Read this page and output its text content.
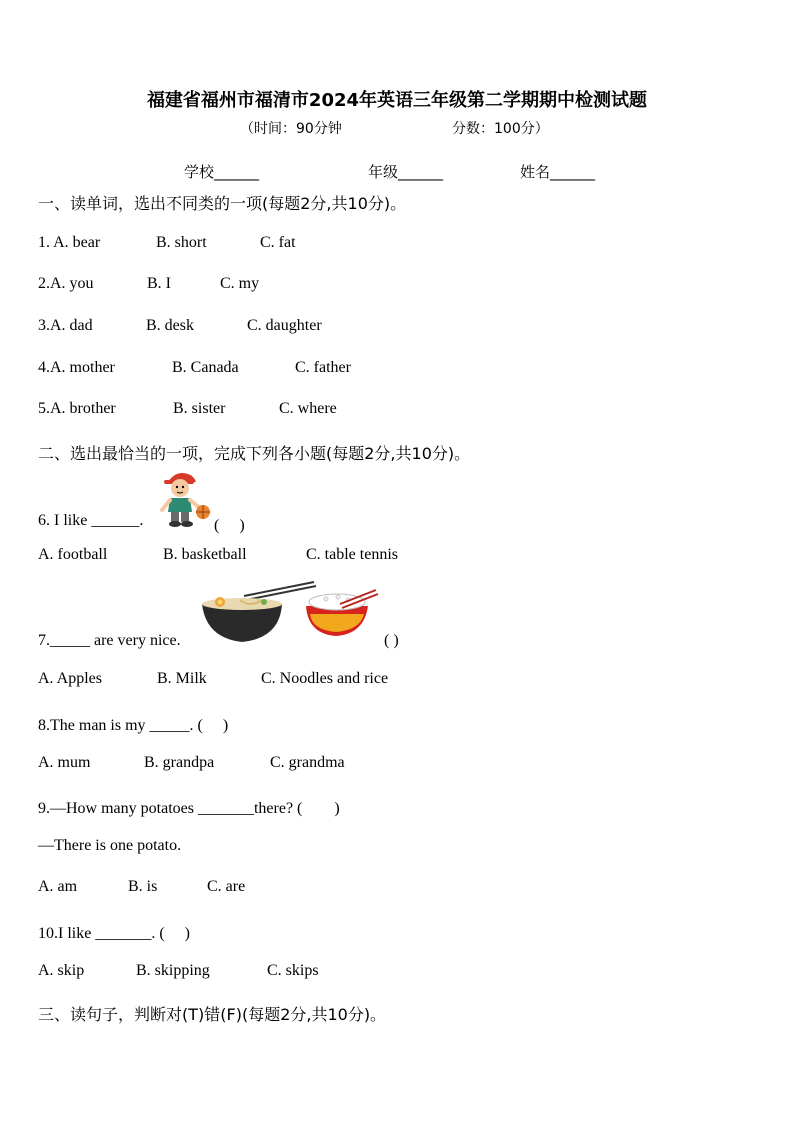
福建省福州市福清市2024年英语三年级第二学期期中检测试题
（时间：90分钟	分数：100分）
学校______	年级______	姓名______
一、读单词，选出不同类的一项(每题2分,共10分)。
1. A. bear	B. short	C. fat
2.A. you	B. I	C. my
3.A. dad	B. desk	C. daughter
4.A. mother	B. Canada	C. father
5.A. brother	B. sister	C. where
二、选出最恰当的一项，完成下列各小题(每题2分,共10分)。
6. I like ______.	(　 )
A. football	B. basketball	C. table tennis
7._____ are very nice.	( )
A. Apples	B. Milk	C. Noodles and rice
8.The man is my _____. (　 )
A. mum	B. grandpa	C. grandma
9.—How many potatoes _______there? (　　)
—There is one potato.
A. am	B. is	C. are
10.I like _______. (　 )
A. skip	B. skipping	C. skips
三、读句子，判断对(T)错(F)(每题2分,共10分)。
